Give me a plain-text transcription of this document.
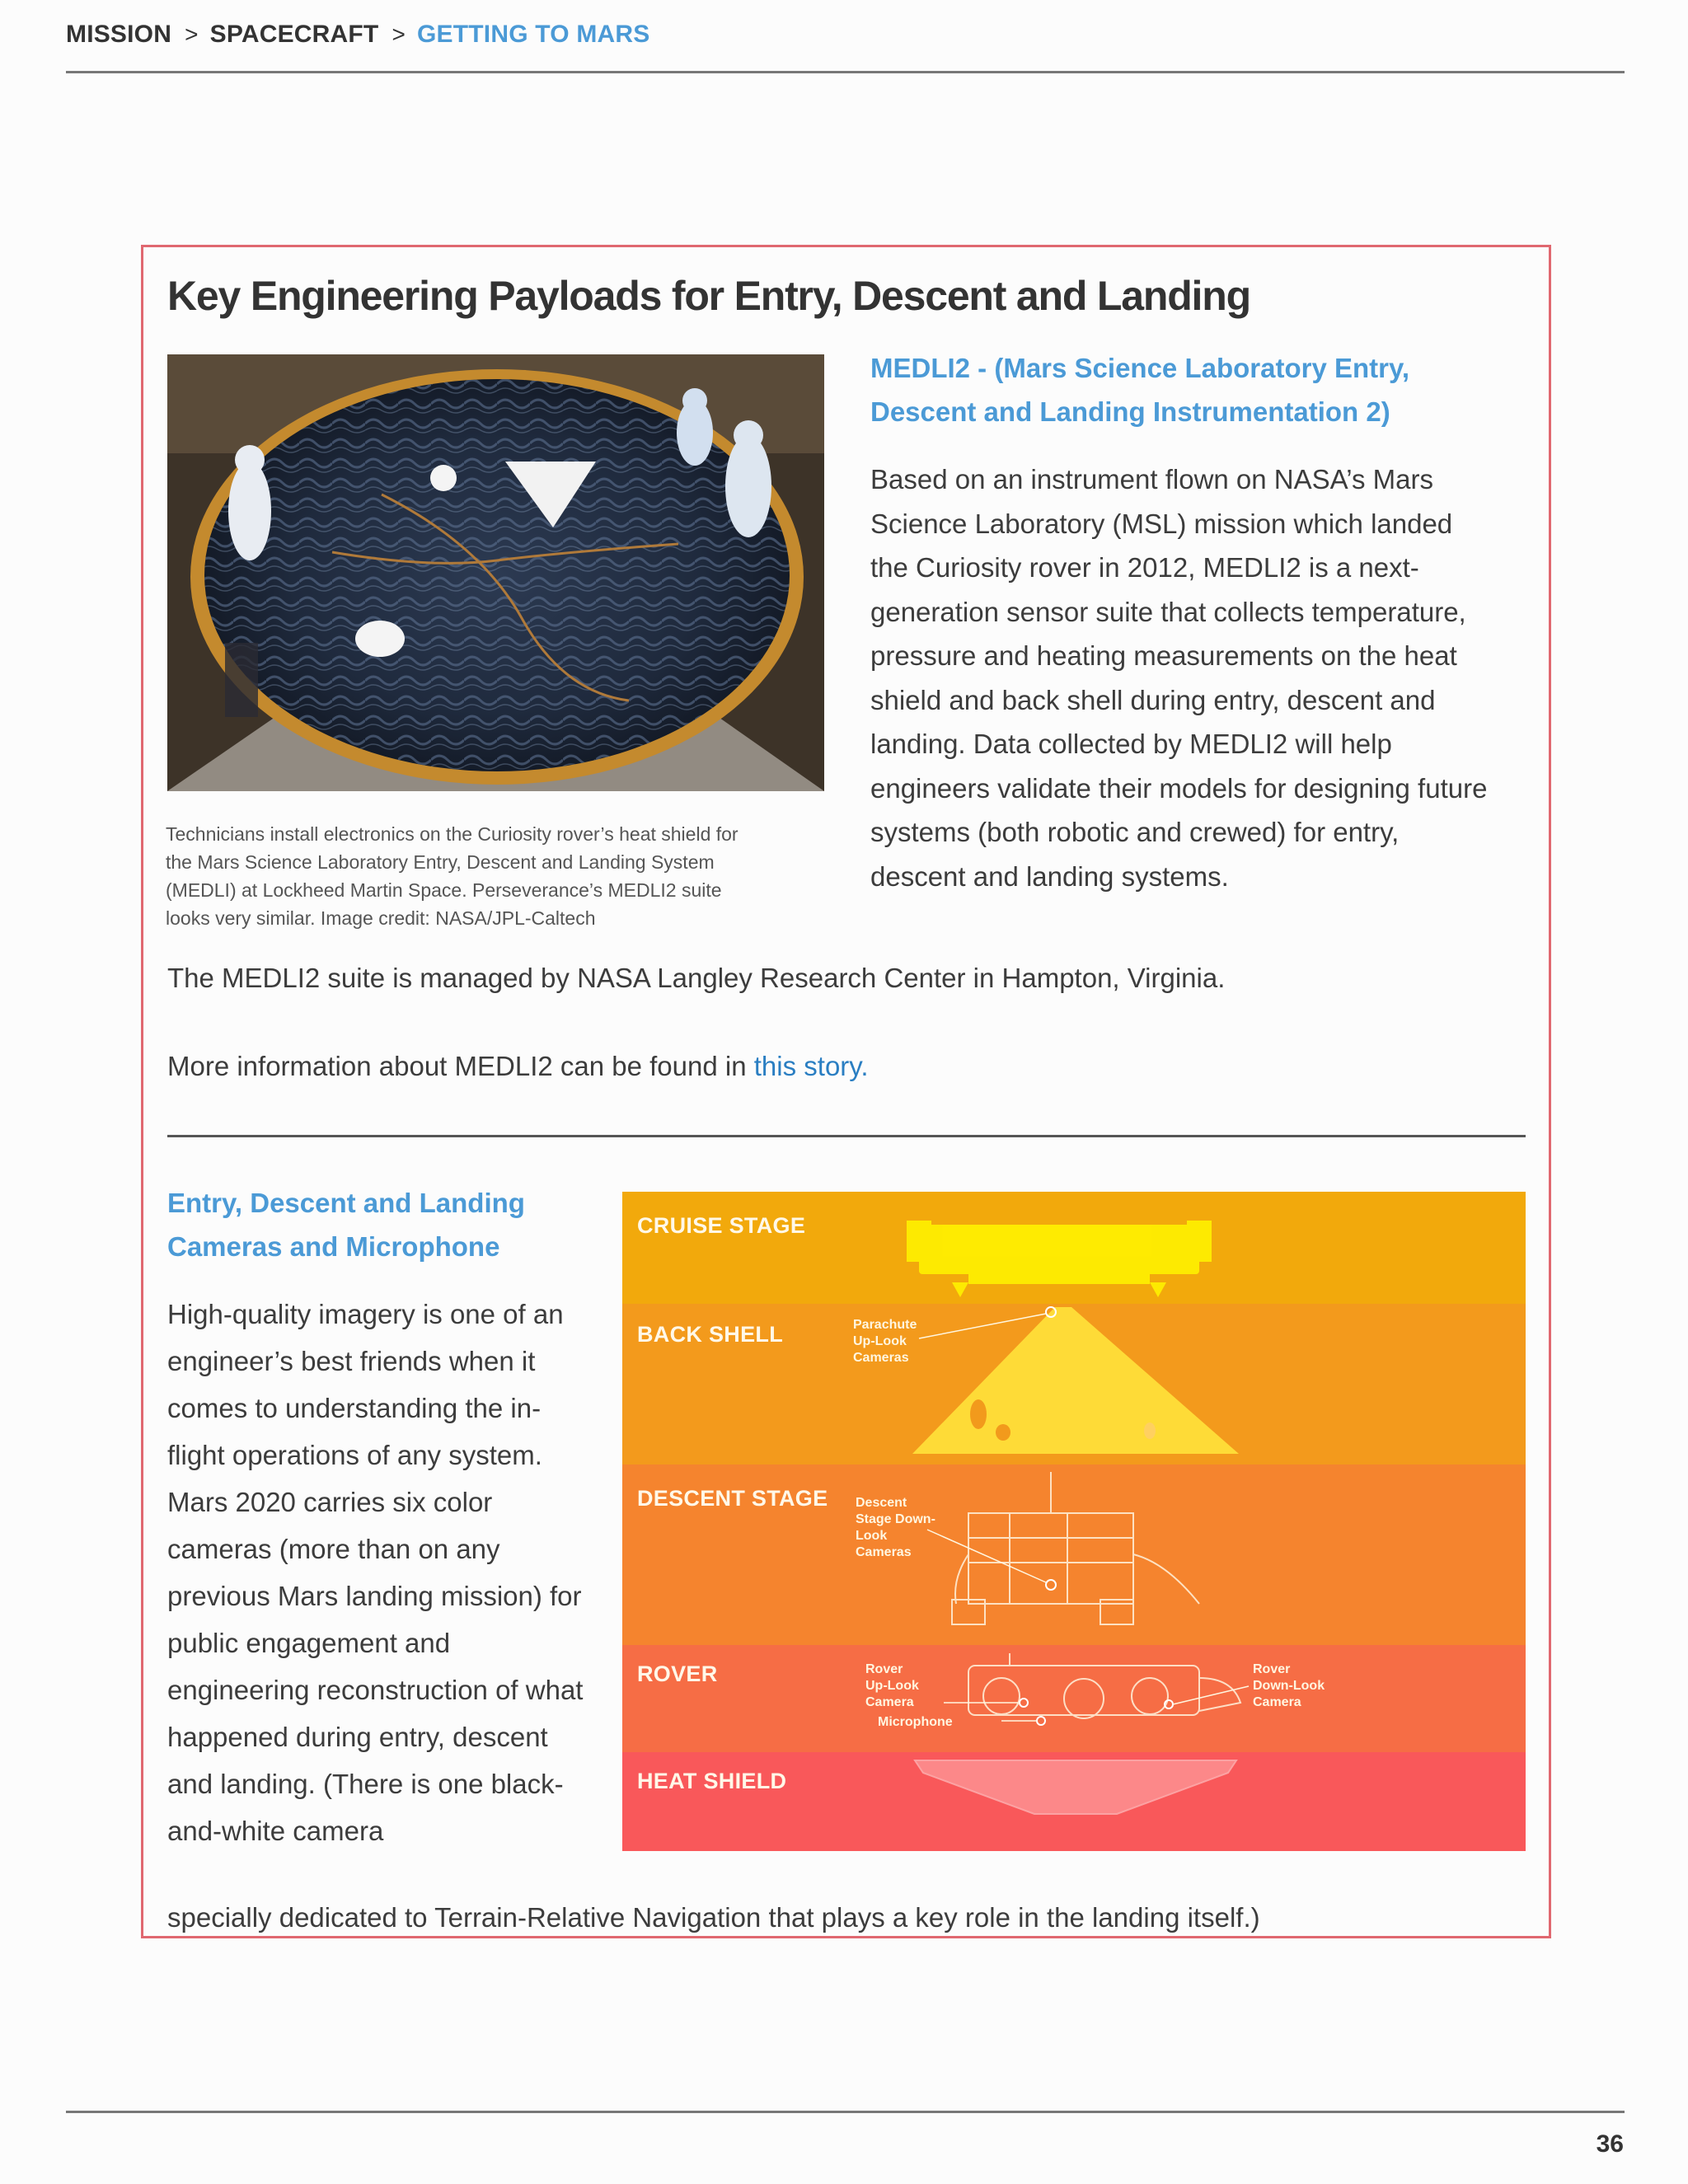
MISSION > SPACECRAFT > GETTING TO MARS
Key Engineering Payloads for Entry, Descent and Landing

Technicians install electronics on the Curiosity rover’s heat shield for the Mars Science Laboratory Entry, Descent and Landing System (MEDLI) at Lockheed Martin Space. Perseverance’s MEDLI2 suite looks very similar. Image credit: NASA/JPL-Caltech

MEDLI2 - (Mars Science Laboratory Entry, Descent and Landing Instrumentation 2)

Based on an instrument flown on NASA’s Mars Science Laboratory (MSL) mission which landed the Curiosity rover in 2012, MEDLI2 is a next-generation sensor suite that collects temperature, pressure and heating measurements on the heat shield and back shell during entry, descent and landing. Data collected by MEDLI2 will help engineers validate their models for designing future systems (both robotic and crewed) for entry, descent and landing systems.

The MEDLI2 suite is managed by NASA Langley Research Center in Hampton, Virginia.

More information about MEDLI2 can be found in this story.

Entry, Descent and Landing Cameras and Microphone

High-quality imagery is one of an engineer’s best friends when it comes to understanding the in-flight operations of any system. Mars 2020 carries six color cameras (more than on any previous Mars landing mission) for public engagement and engineering reconstruction of what happened during entry, descent and landing. (There is one black-and-white camera

CRUISE STAGE
BACK SHELL
DESCENT STAGE
ROVER
HEAT SHIELD
Parachute Up-Look Cameras
Descent Stage Down-Look Cameras
Rover Up-Look Camera
Rover Down-Look Camera
Microphone

specially dedicated to Terrain-Relative Navigation that plays a key role in the landing itself.)

36
